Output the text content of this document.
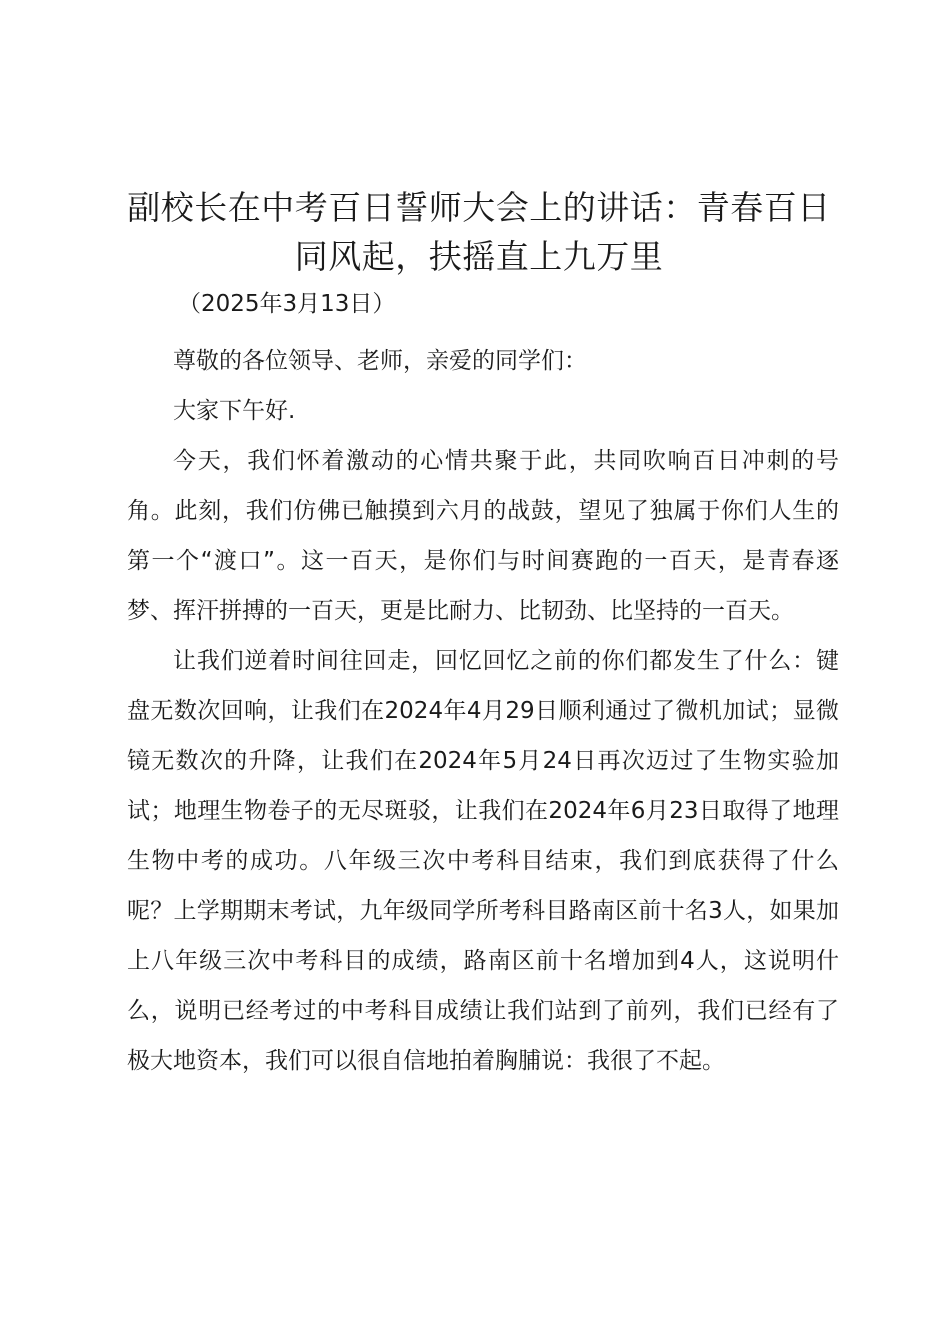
副校长在中考百日誓师大会上的讲话：青春百日同风起，扶摇直上九万里
（2025年3月13日）

尊敬的各位领导、老师，亲爱的同学们：

大家下午好.

今天，我们怀着激动的心情共聚于此，共同吹响百日冲刺的号角。此刻，我们仿佛已触摸到六月的战鼓，望见了独属于你们人生的第一个“渡口”。这一百天，是你们与时间赛跑的一百天，是青春逐梦、挥汗拼搏的一百天，更是比耐力、比韧劲、比坚持的一百天。

让我们逆着时间往回走，回忆回忆之前的你们都发生了什么：键盘无数次回响，让我们在2024年4月29日顺利通过了微机加试；显微镜无数次的升降，让我们在2024年5月24日再次迈过了生物实验加试；地理生物卷子的无尽斑驳，让我们在2024年6月23日取得了地理生物中考的成功。八年级三次中考科目结束，我们到底获得了什么呢？上学期期末考试，九年级同学所考科目路南区前十名3人，如果加上八年级三次中考科目的成绩，路南区前十名增加到4人，这说明什么，说明已经考过的中考科目成绩让我们站到了前列，我们已经有了极大地资本，我们可以很自信地拍着胸脯说：我很了不起。
